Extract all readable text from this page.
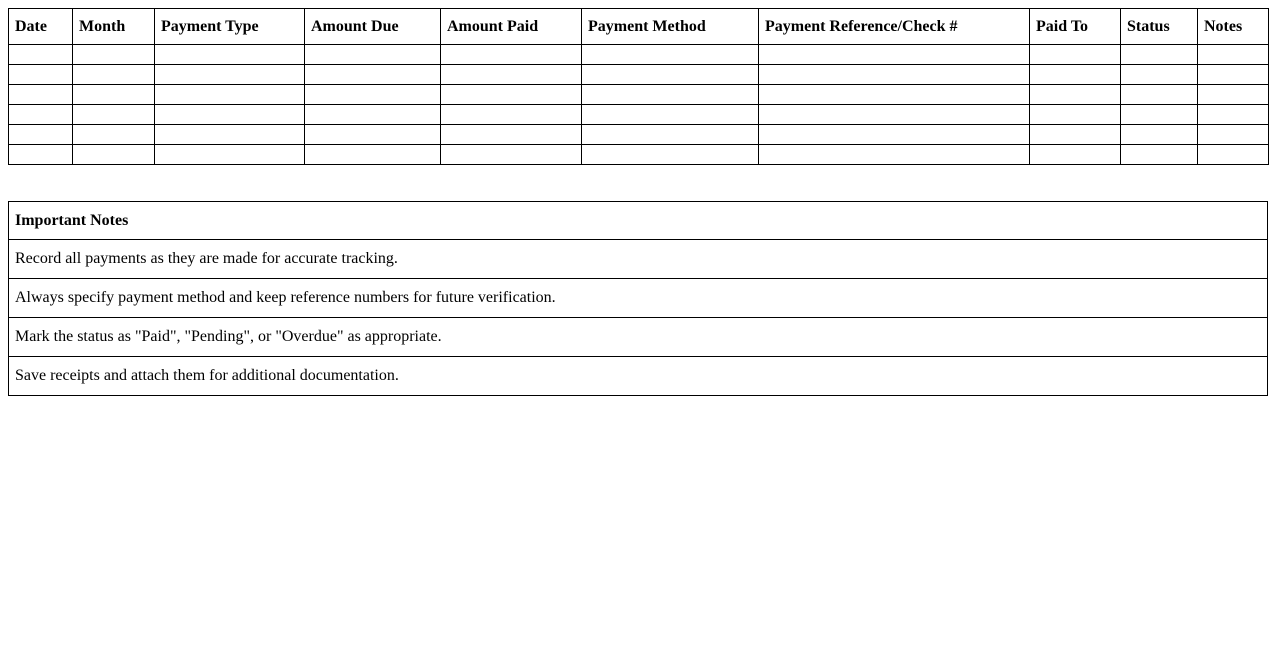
Date	Month	Payment Type	Amount Due	Amount Paid	Payment Method	Payment Reference/Check #	Paid To	Status	Notes

Important Notes
Record all payments as they are made for accurate tracking.
Always specify payment method and keep reference numbers for future verification.
Mark the status as "Paid", "Pending", or "Overdue" as appropriate.
Save receipts and attach them for additional documentation.
